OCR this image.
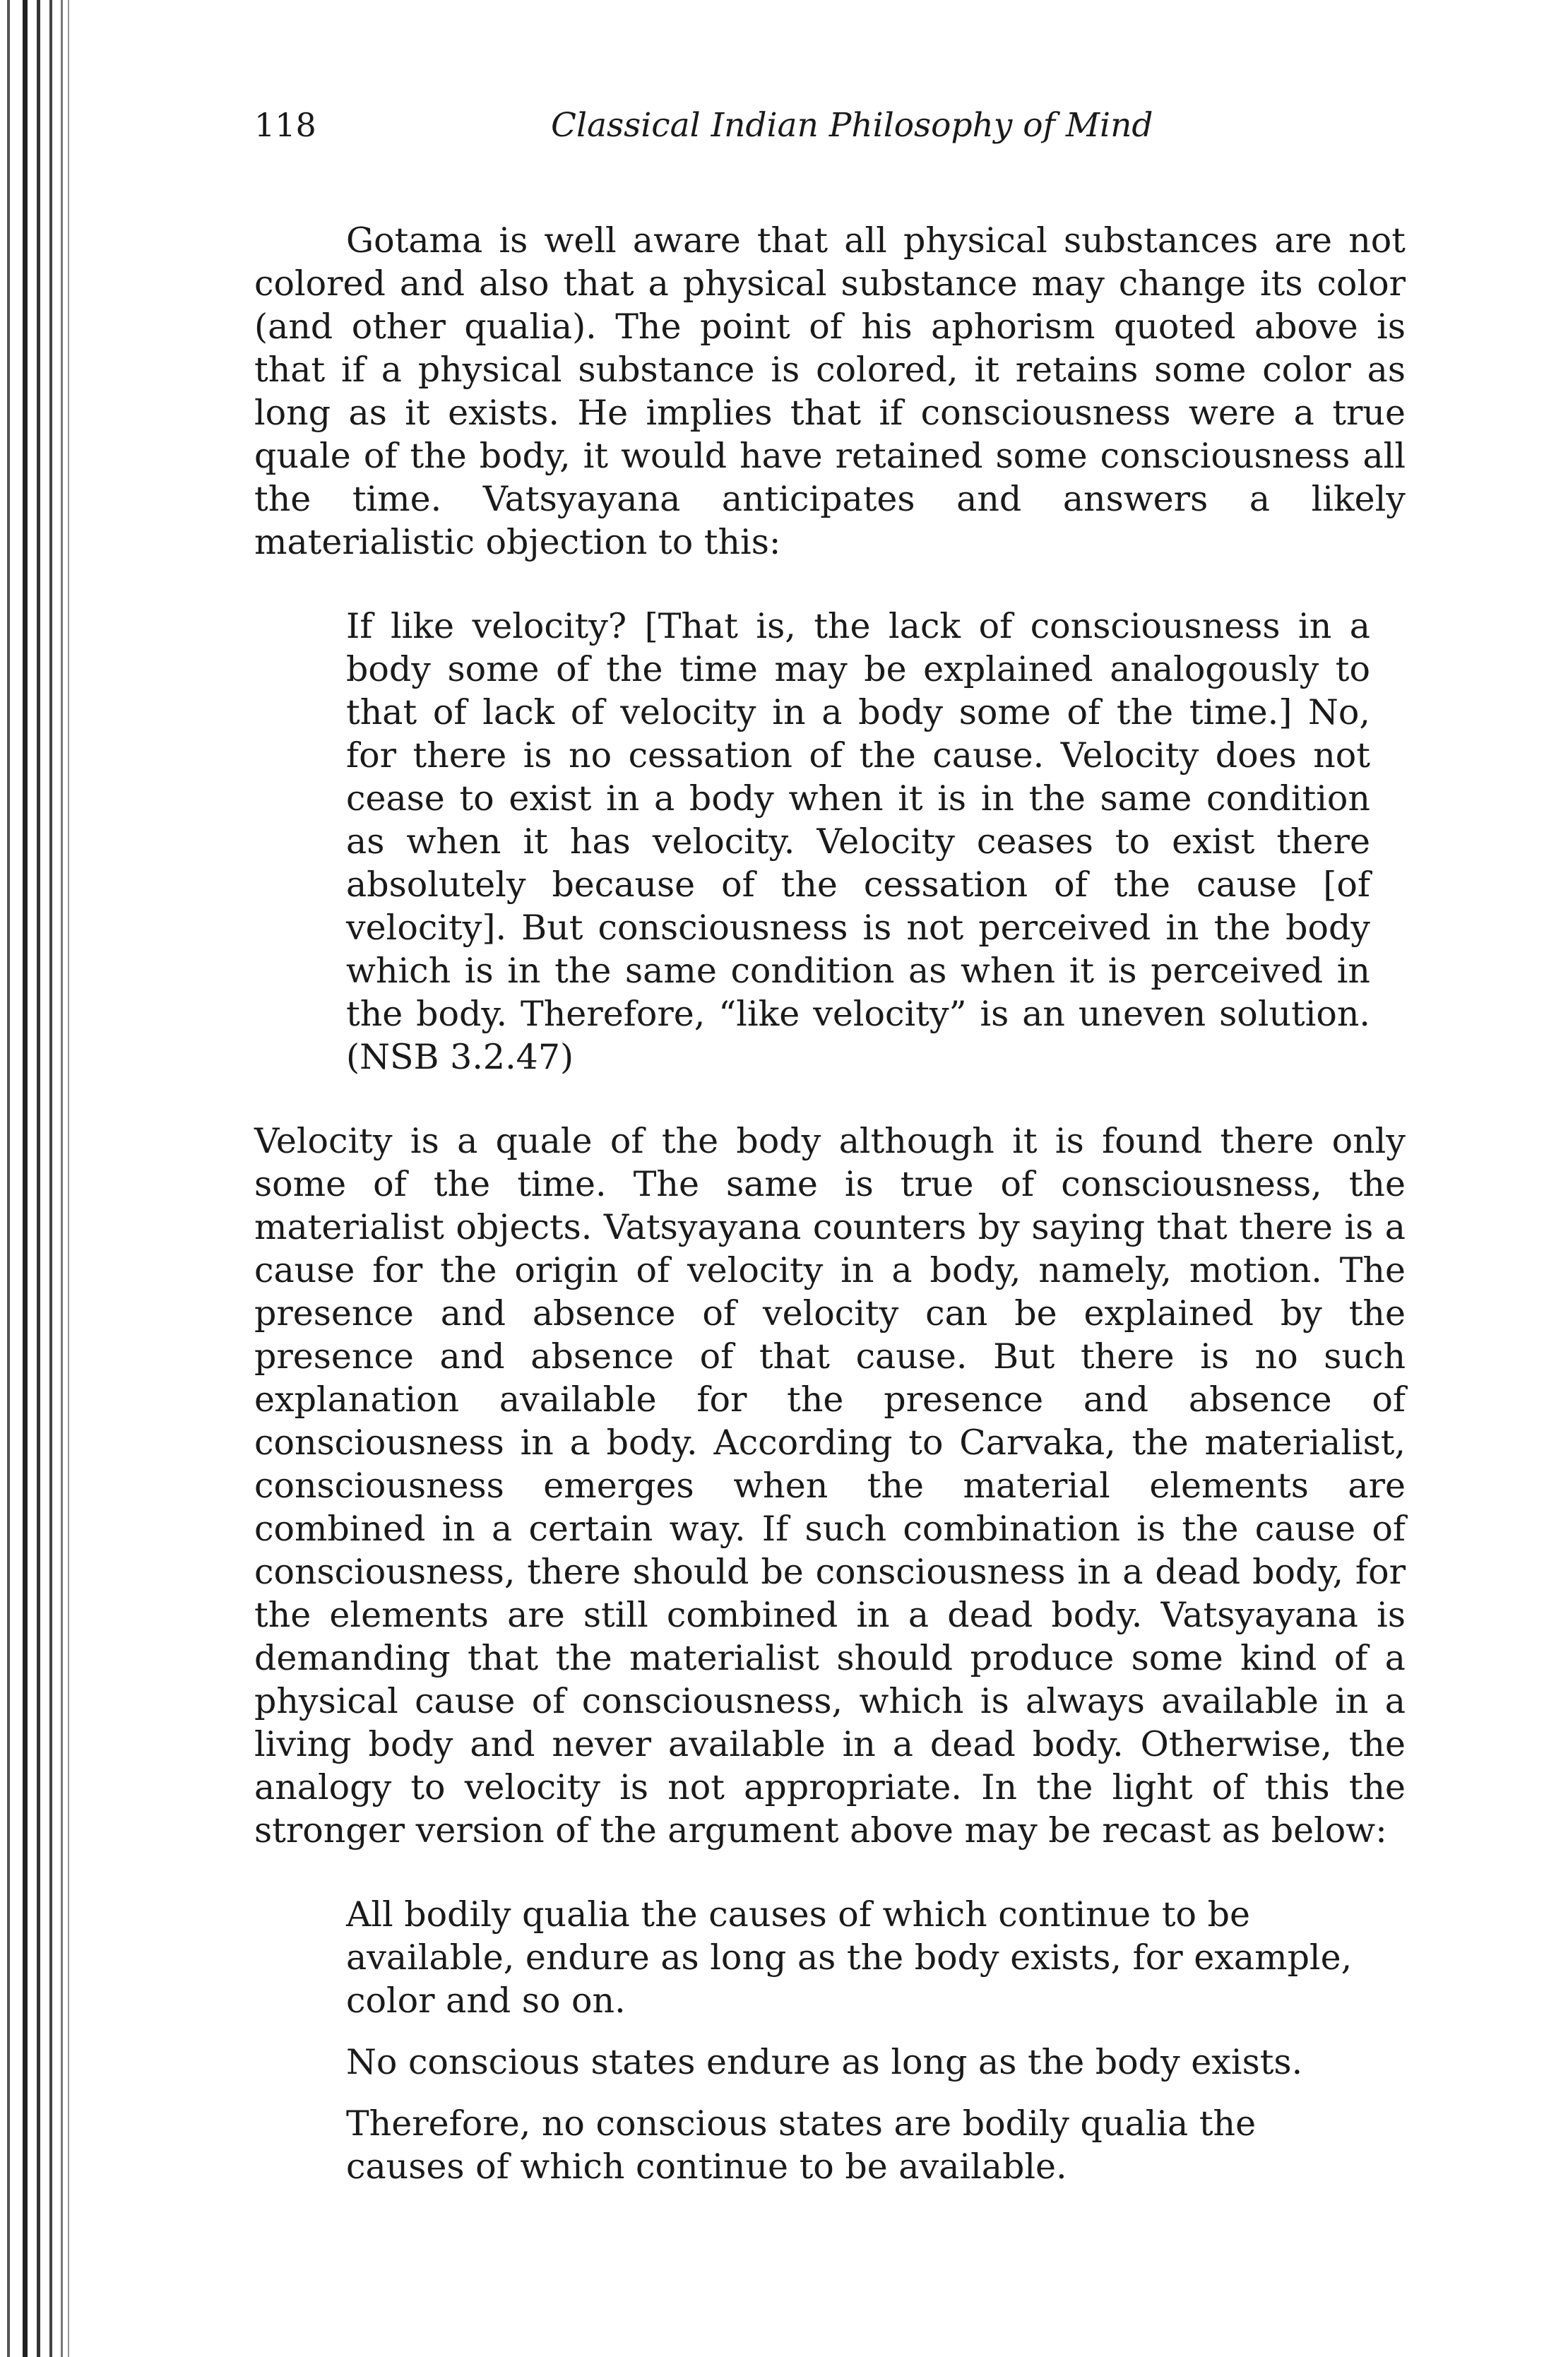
118	Classical Indian Philosophy of Mind

Gotama is well aware that all physical substances are not colored and also that a physical substance may change its color (and other qualia). The point of his aphorism quoted above is that if a physical substance is colored, it retains some color as long as it exists. He implies that if consciousness were a true quale of the body, it would have retained some consciousness all the time. Vatsyayana anticipates and answers a likely materialistic objection to this:

If like velocity? [That is, the lack of consciousness in a body some of the time may be explained analogously to that of lack of velocity in a body some of the time.] No, for there is no cessation of the cause. Velocity does not cease to exist in a body when it is in the same condition as when it has velocity. Velocity ceases to exist there absolutely because of the cessation of the cause [of velocity]. But consciousness is not perceived in the body which is in the same condition as when it is perceived in the body. Therefore, “like velocity” is an uneven solution. (NSB 3.2.47)

Velocity is a quale of the body although it is found there only some of the time. The same is true of consciousness, the materialist objects. Vatsyayana counters by saying that there is a cause for the origin of velocity in a body, namely, motion. The presence and absence of velocity can be explained by the presence and absence of that cause. But there is no such explanation available for the presence and absence of consciousness in a body. According to Carvaka, the materialist, consciousness emerges when the material elements are combined in a certain way. If such combination is the cause of consciousness, there should be consciousness in a dead body, for the elements are still combined in a dead body. Vatsyayana is demanding that the materialist should produce some kind of a physical cause of consciousness, which is always available in a living body and never available in a dead body. Otherwise, the analogy to velocity is not appropriate. In the light of this the stronger version of the argument above may be recast as below:

All bodily qualia the causes of which continue to be available, endure as long as the body exists, for example, color and so on.

No conscious states endure as long as the body exists.

Therefore, no conscious states are bodily qualia the causes of which continue to be available.
